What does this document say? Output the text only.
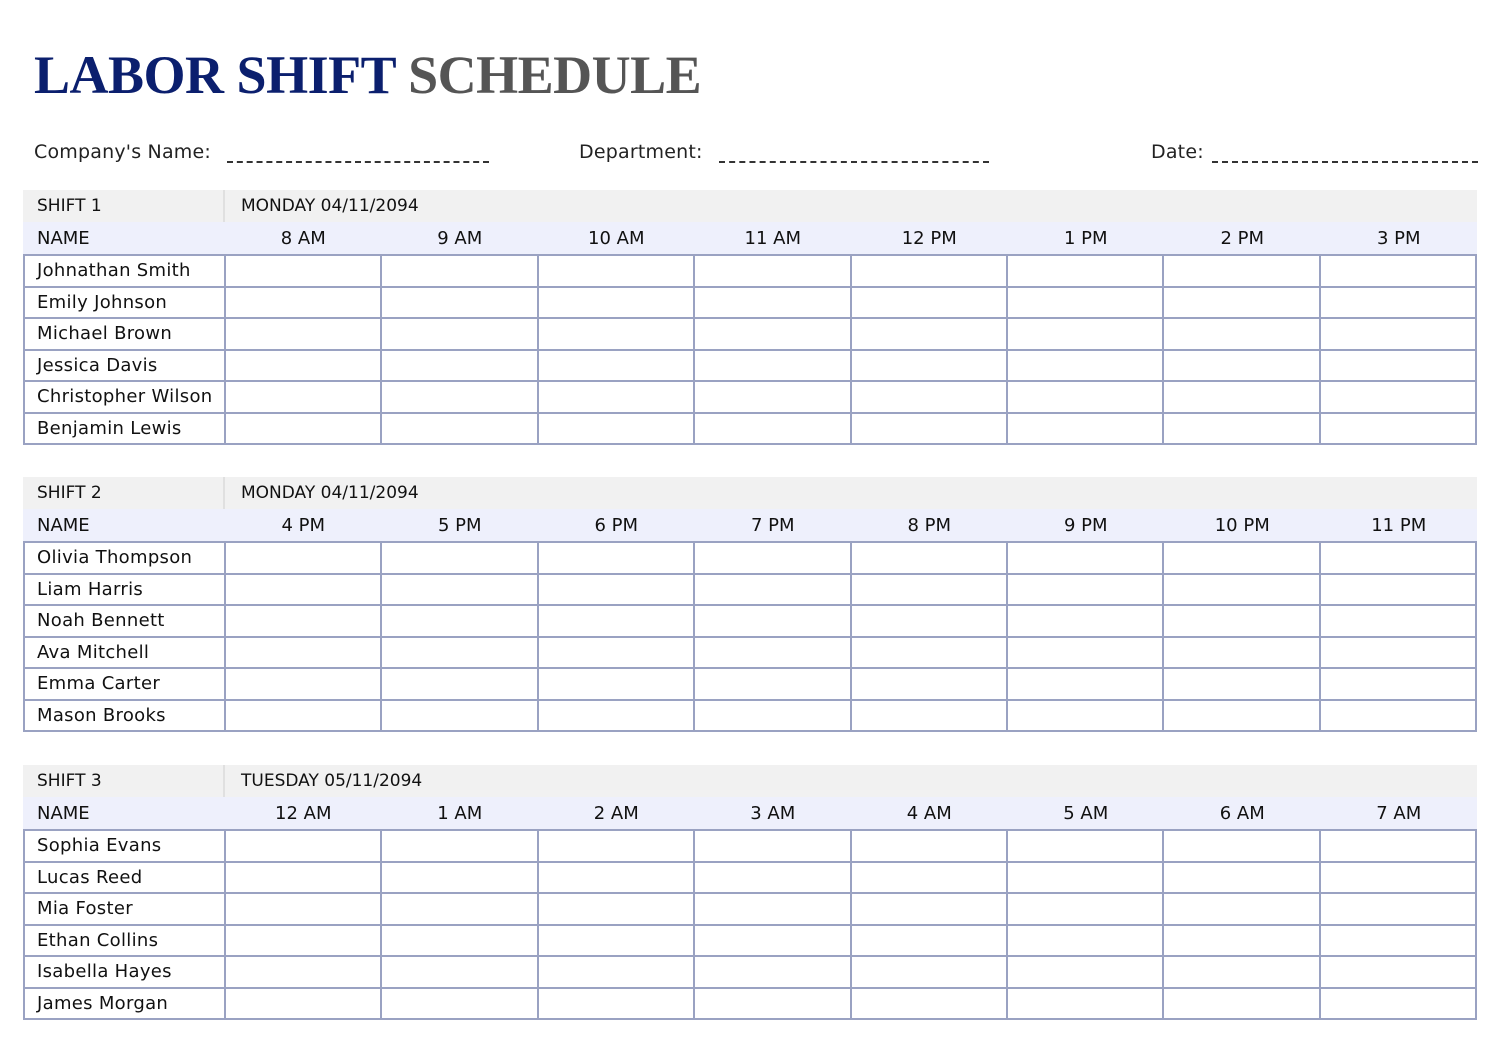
LABOR SHIFT SCHEDULE
Company's Name:	Department:	Date:
SHIFT 1	MONDAY 04/11/2094
NAME	8 AM	9 AM	10 AM	11 AM	12 PM	1 PM	2 PM	3 PM
Johnathan Smith								
Emily Johnson								
Michael Brown								
Jessica Davis								
Christopher Wilson								
Benjamin Lewis								
SHIFT 2	MONDAY 04/11/2094
NAME	4 PM	5 PM	6 PM	7 PM	8 PM	9 PM	10 PM	11 PM
Olivia Thompson								
Liam Harris								
Noah Bennett								
Ava Mitchell								
Emma Carter								
Mason Brooks								
SHIFT 3	TUESDAY 05/11/2094
NAME	12 AM	1 AM	2 AM	3 AM	4 AM	5 AM	6 AM	7 AM
Sophia Evans								
Lucas Reed								
Mia Foster								
Ethan Collins								
Isabella Hayes								
James Morgan								
